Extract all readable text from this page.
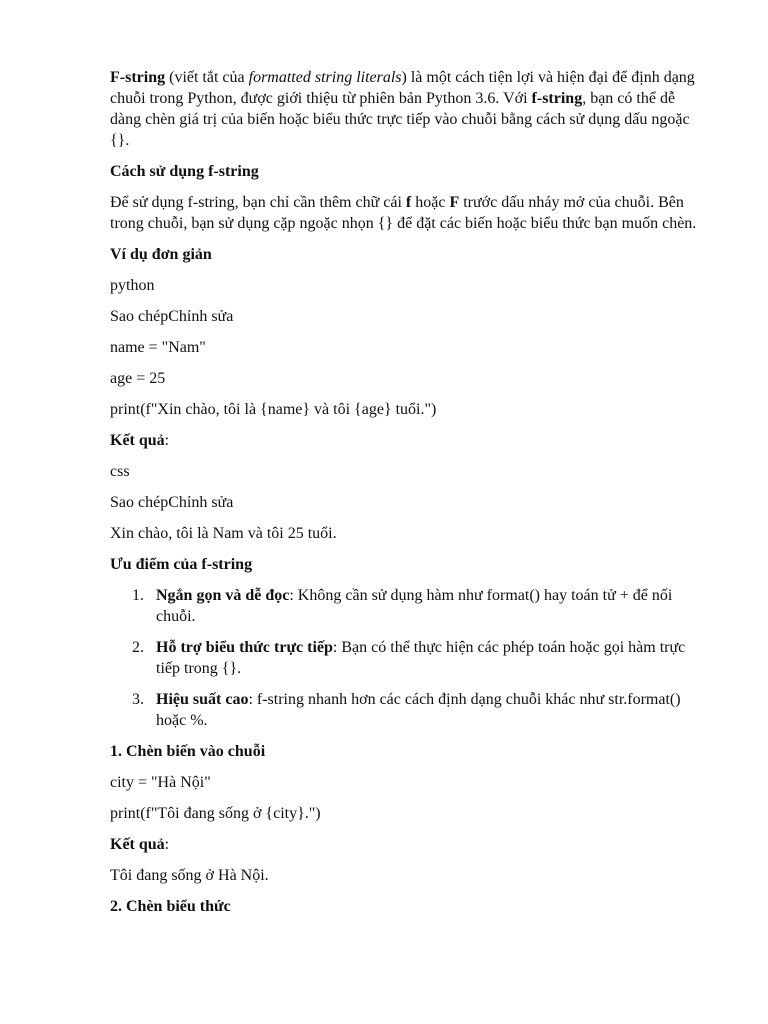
F-string (viết tắt của formatted string literals) là một cách tiện lợi và hiện đại để định dạng chuỗi trong Python, được giới thiệu từ phiên bản Python 3.6. Với f-string, bạn có thể dễ dàng chèn giá trị của biến hoặc biểu thức trực tiếp vào chuỗi bằng cách sử dụng dấu ngoặc {}.

Cách sử dụng f-string

Để sử dụng f-string, bạn chỉ cần thêm chữ cái f hoặc F trước dấu nháy mở của chuỗi. Bên trong chuỗi, bạn sử dụng cặp ngoặc nhọn {} để đặt các biến hoặc biểu thức bạn muốn chèn.

Ví dụ đơn giản

python

Sao chépChỉnh sửa

name = "Nam"

age = 25

print(f"Xin chào, tôi là {name} và tôi {age} tuổi.")

Kết quả:

css

Sao chépChỉnh sửa

Xin chào, tôi là Nam và tôi 25 tuổi.

Ưu điểm của f-string

1. Ngắn gọn và dễ đọc: Không cần sử dụng hàm như format() hay toán tử + để nối chuỗi.
2. Hỗ trợ biểu thức trực tiếp: Bạn có thể thực hiện các phép toán hoặc gọi hàm trực tiếp trong {}.
3. Hiệu suất cao: f-string nhanh hơn các cách định dạng chuỗi khác như str.format() hoặc %.

1. Chèn biến vào chuỗi

city = "Hà Nội"

print(f"Tôi đang sống ở {city}.")

Kết quả:

Tôi đang sống ở Hà Nội.

2. Chèn biểu thức
